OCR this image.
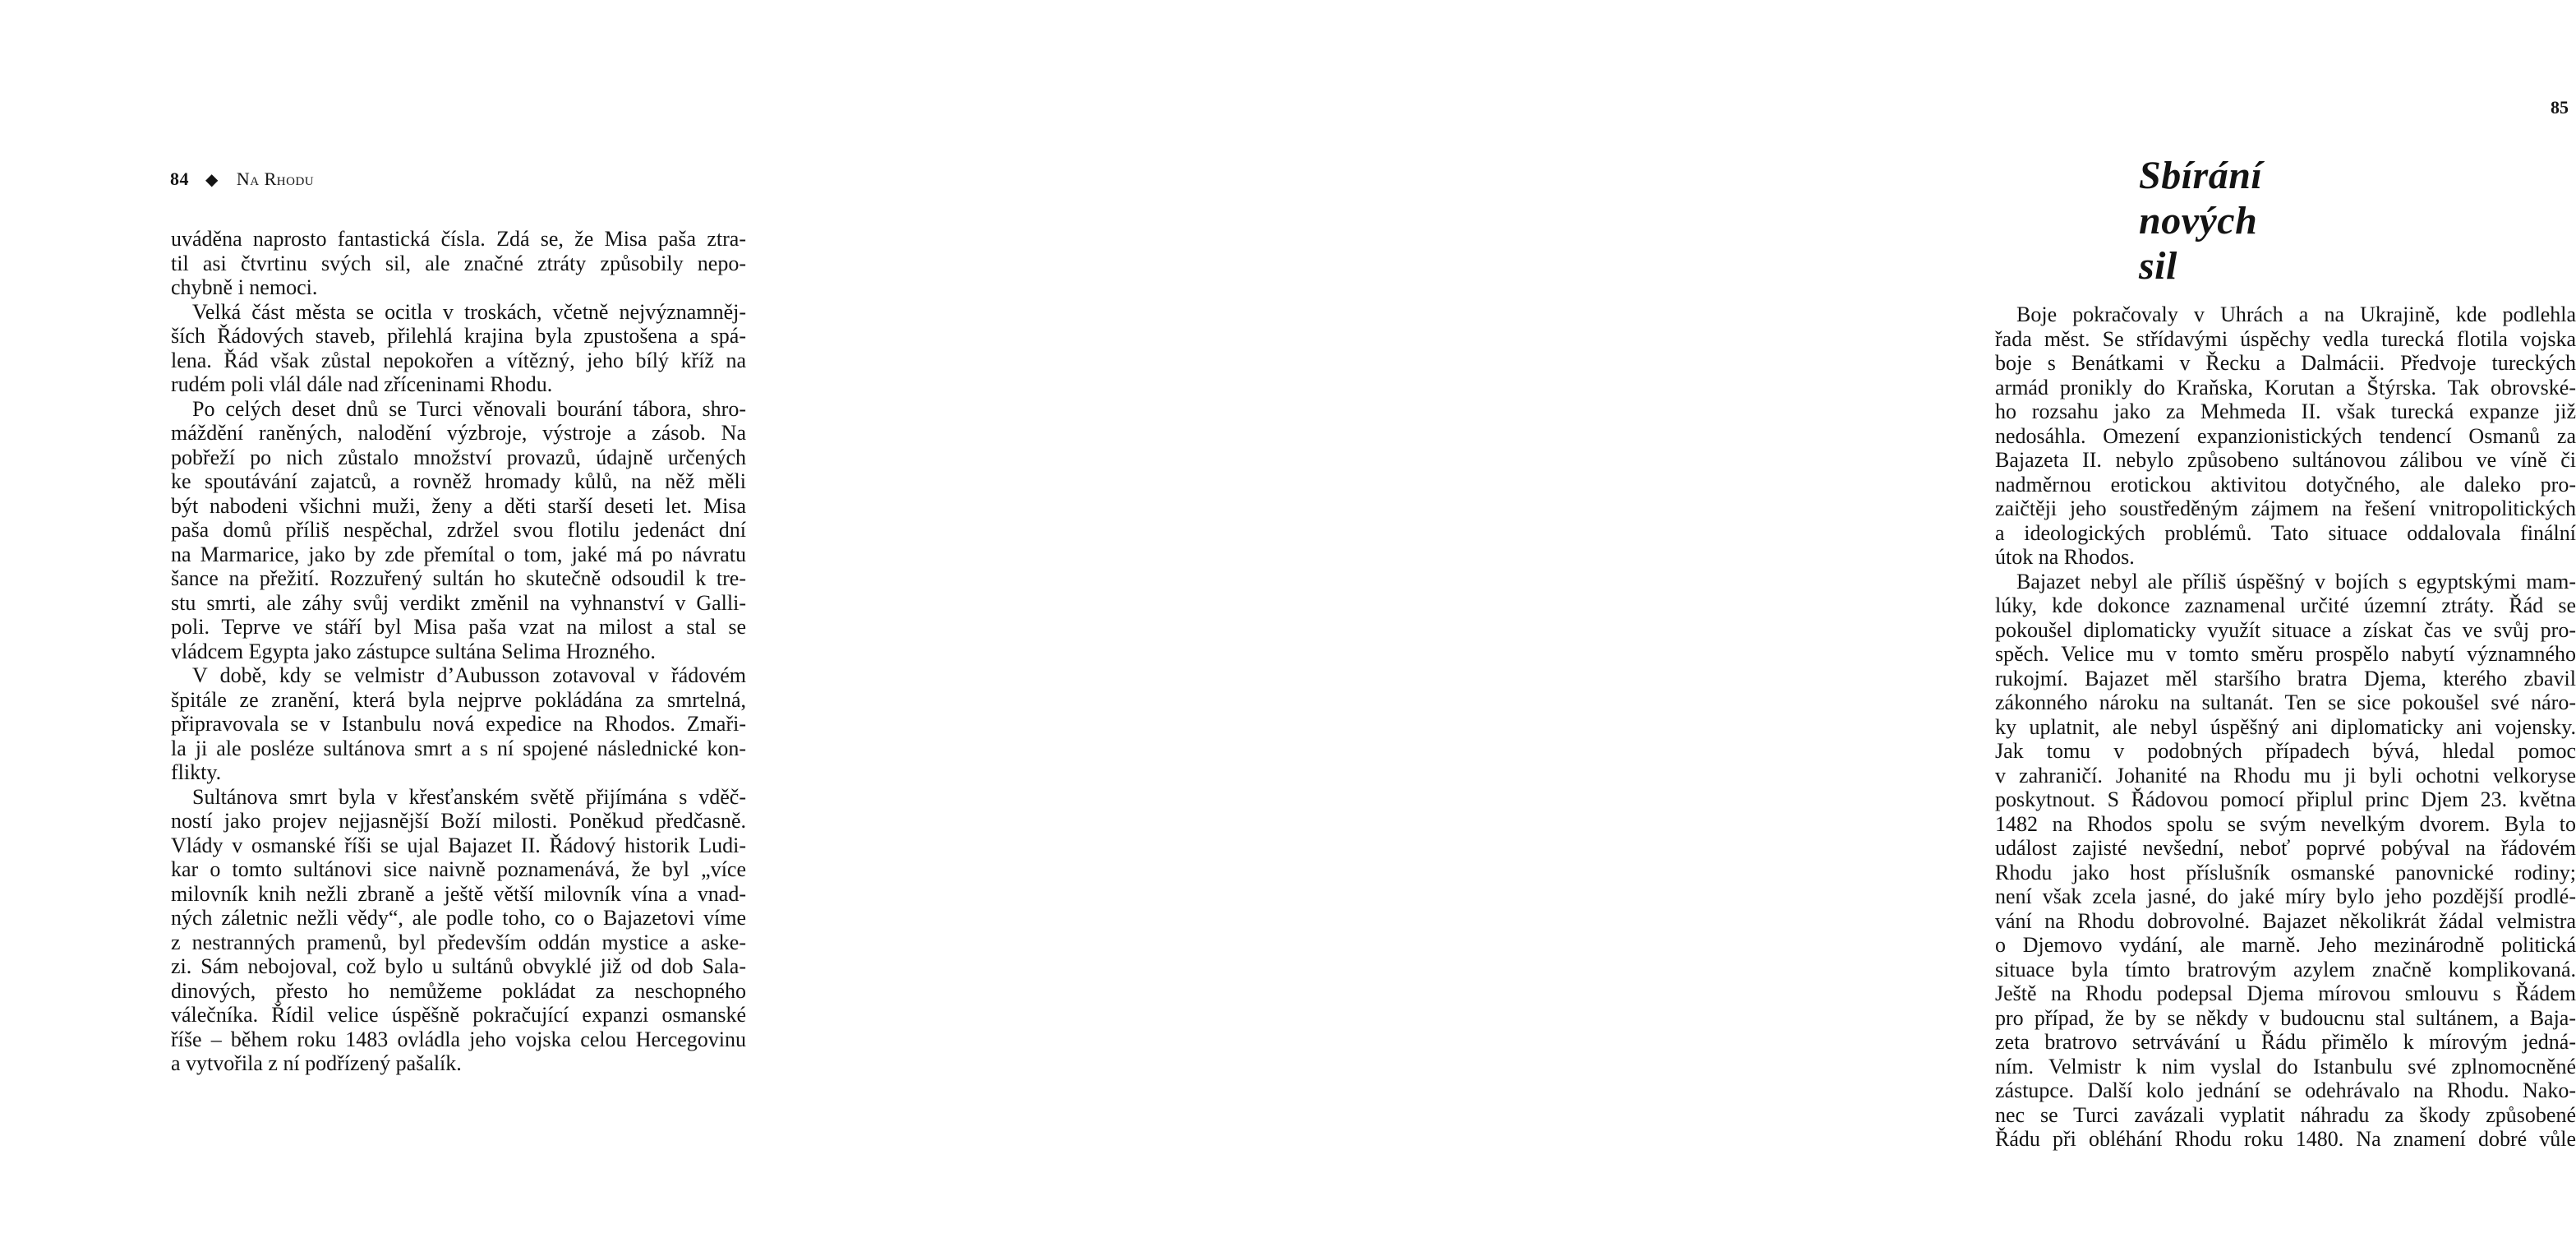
84 ◆ Na Rhodu
uváděna naprosto fantastická čísla. Zdá se, že Misa paša ztra-
til asi čtvrtinu svých sil, ale značné ztráty způsobily nepo-
chybně i nemoci.
Velká část města se ocitla v troskách, včetně nejvýznamněj-
ších Řádových staveb, přilehlá krajina byla zpustošena a spá-
lena. Řád však zůstal nepokořen a vítězný, jeho bílý kříž na
rudém poli vlál dále nad zříceninami Rhodu.
Po celých deset dnů se Turci věnovali bourání tábora, shro-
máždění raněných, nalodění výzbroje, výstroje a zásob. Na
pobřeží po nich zůstalo množství provazů, údajně určených
ke spoutávání zajatců, a rovněž hromady kůlů, na něž měli
být nabodeni všichni muži, ženy a děti starší deseti let. Misa
paša domů příliš nespěchal, zdržel svou flotilu jedenáct dní
na Marmarice, jako by zde přemítal o tom, jaké má po návratu
šance na přežití. Rozzuřený sultán ho skutečně odsoudil k tre-
stu smrti, ale záhy svůj verdikt změnil na vyhnanství v Galli-
poli. Teprve ve stáří byl Misa paša vzat na milost a stal se
vládcem Egypta jako zástupce sultána Selima Hrozného.
V době, kdy se velmistr d’Aubusson zotavoval v řádovém
špitále ze zranění, která byla nejprve pokládána za smrtelná,
připravovala se v Istanbulu nová expedice na Rhodos. Zmaři-
la ji ale posléze sultánova smrt a s ní spojené následnické kon-
flikty.
Sultánova smrt byla v křesťanském světě přijímána s vděč-
ností jako projev nejjasnější Boží milosti. Poněkud předčasně.
Vlády v osmanské říši se ujal Bajazet II. Řádový historik Ludi-
kar o tomto sultánovi sice naivně poznamenává, že byl „více
milovník knih nežli zbraně a ještě větší milovník vína a vnad-
ných záletnic nežli vědy“, ale podle toho, co o Bajazetovi víme
z nestranných pramenů, byl především oddán mystice a aske-
zi. Sám nebojoval, což bylo u sultánů obvyklé již od dob Sala-
dinových, přesto ho nemůžeme pokládat za neschopného
válečníka. Řídil velice úspěšně pokračující expanzi osmanské
říše – během roku 1483 ovládla jeho vojska celou Hercegovinu
a vytvořila z ní podřízený pašalík.
85
Sbírání nových sil
Boje pokračovaly v Uhrách a na Ukrajině, kde podlehla
řada měst. Se střídavými úspěchy vedla turecká flotila vojska
boje s Benátkami v Řecku a Dalmácii. Předvoje tureckých
armád pronikly do Kraňska, Korutan a Štýrska. Tak obrovské-
ho rozsahu jako za Mehmeda II. však turecká expanze již
nedosáhla. Omezení expanzionistických tendencí Osmanů za
Bajazeta II. nebylo způsobeno sultánovou zálibou ve víně či
nadměrnou erotickou aktivitou dotyčného, ale daleko pro-
zaičtěji jeho soustředěným zájmem na řešení vnitropolitických
a ideologických problémů. Tato situace oddalovala finální
útok na Rhodos.
Bajazet nebyl ale příliš úspěšný v bojích s egyptskými mam-
lúky, kde dokonce zaznamenal určité územní ztráty. Řád se
pokoušel diplomaticky využít situace a získat čas ve svůj pro-
spěch. Velice mu v tomto směru prospělo nabytí významného
rukojmí. Bajazet měl staršího bratra Djema, kterého zbavil
zákonného nároku na sultanát. Ten se sice pokoušel své náro-
ky uplatnit, ale nebyl úspěšný ani diplomaticky ani vojensky.
Jak tomu v podobných případech bývá, hledal pomoc
v zahraničí. Johanité na Rhodu mu ji byli ochotni velkoryse
poskytnout. S Řádovou pomocí připlul princ Djem 23. května
1482 na Rhodos spolu se svým nevelkým dvorem. Byla to
událost zajisté nevšední, neboť poprvé pobýval na řádovém
Rhodu jako host příslušník osmanské panovnické rodiny;
není však zcela jasné, do jaké míry bylo jeho pozdější prodlé-
vání na Rhodu dobrovolné. Bajazet několikrát žádal velmistra
o Djemovo vydání, ale marně. Jeho mezinárodně politická
situace byla tímto bratrovým azylem značně komplikovaná.
Ještě na Rhodu podepsal Djema mírovou smlouvu s Řádem
pro případ, že by se někdy v budoucnu stal sultánem, a Baja-
zeta bratrovo setrvávání u Řádu přimělo k mírovým jedná-
ním. Velmistr k nim vyslal do Istanbulu své zplnomocněné
zástupce. Další kolo jednání se odehrávalo na Rhodu. Nako-
nec se Turci zavázali vyplatit náhradu za škody způsobené
Řádu při obléhání Rhodu roku 1480. Na znamení dobré vůle
